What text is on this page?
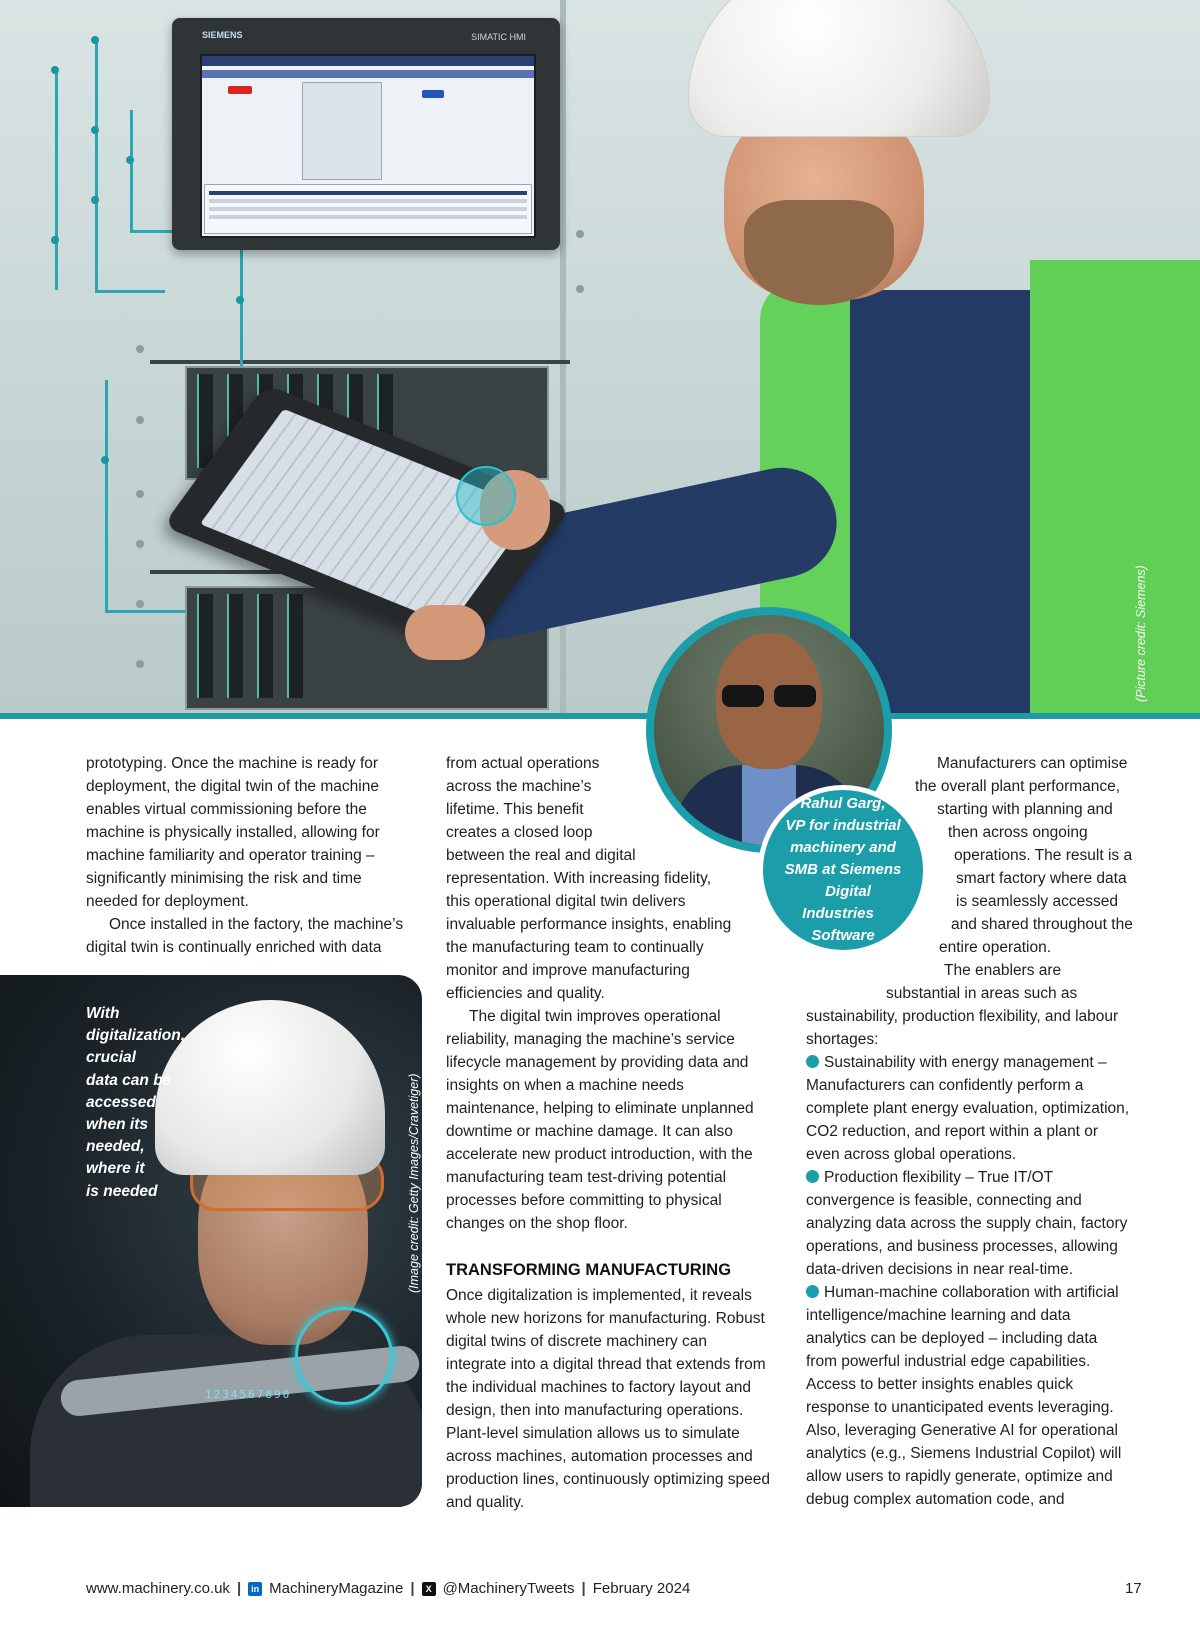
SIEMENS	SIMATIC HMI
(Picture credit: Siemens)
Rahul Garg,
VP for industrial
machinery and
SMB at Siemens
Digital Industries
Software
prototyping. Once the machine is ready for
deployment, the digital twin of the machine
enables virtual commissioning before the
machine is physically installed, allowing for
machine familiarity and operator training –
significantly minimising the risk and time
needed for deployment.
Once installed in the factory, the machine’s
digital twin is continually enriched with data
1234567890
With
digitalization,
crucial
data can be
accessed
when its
needed,
where it
is needed	(Image credit: Getty Images/Cravetiger)
from actual operations
across the machine’s
lifetime. This benefit
creates a closed loop
between the real and digital
representation. With increasing fidelity,
this operational digital twin delivers
invaluable performance insights, enabling
the manufacturing team to continually
monitor and improve manufacturing
efficiencies and quality.
The digital twin improves operational
reliability, managing the machine’s service
lifecycle management by providing data and
insights on when a machine needs
maintenance, helping to eliminate unplanned
downtime or machine damage. It can also
accelerate new product introduction, with the
manufacturing team test-driving potential
processes before committing to physical
changes on the shop floor.
TRANSFORMING MANUFACTURING
Once digitalization is implemented, it reveals
whole new horizons for manufacturing. Robust
digital twins of discrete machinery can
integrate into a digital thread that extends from
the individual machines to factory layout and
design, then into manufacturing operations.
Plant-level simulation allows us to simulate
across machines, automation processes and
production lines, continuously optimizing speed
and quality.
Manufacturers can optimise
the overall plant performance,
starting with planning and
then across ongoing
operations. The result is a
smart factory where data
is seamlessly accessed
and shared throughout the
entire operation.
The enablers are
substantial in areas such as
sustainability, production flexibility, and labour
shortages:
Sustainability with energy management –
Manufacturers can confidently perform a
complete plant energy evaluation, optimization,
CO2 reduction, and report within a plant or
even across global operations.
Production flexibility – True IT/OT
convergence is feasible, connecting and
analyzing data across the supply chain, factory
operations, and business processes, allowing
data-driven decisions in near real-time.
Human-machine collaboration with artificial
intelligence/machine learning and data
analytics can be deployed – including data
from powerful industrial edge capabilities.
Access to better insights enables quick
response to unanticipated events leveraging.
Also, leveraging Generative AI for operational
analytics (e.g., Siemens Industrial Copilot) will
allow users to rapidly generate, optimize and
debug complex automation code, and
www.machinery.co.uk |	in MachineryMagazine |	X @MachineryTweets | February 2024	17
